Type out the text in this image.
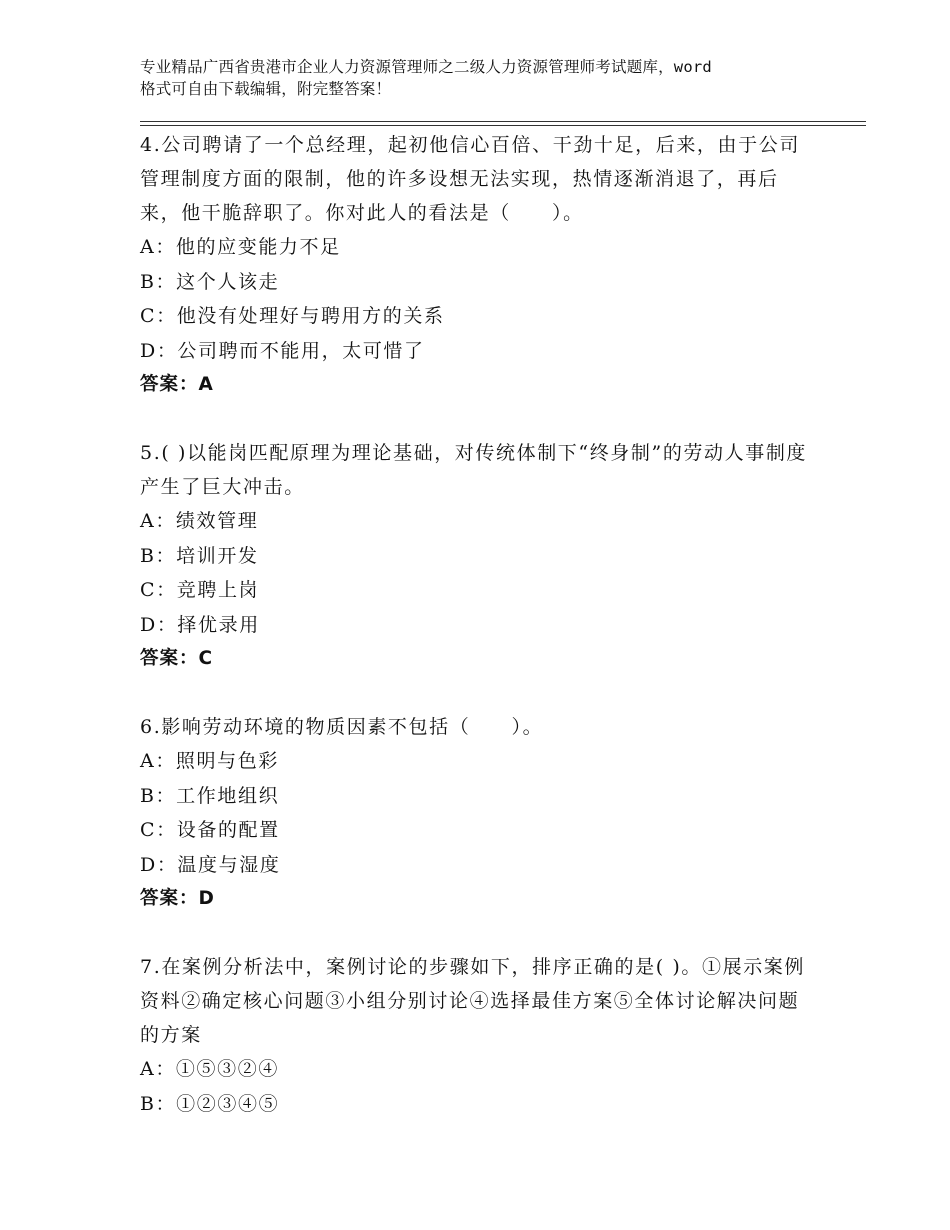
专业精品广西省贵港市企业人力资源管理师之二级人力资源管理师考试题库，word
格式可自由下载编辑，附完整答案！
4.公司聘请了一个总经理，起初他信心百倍、干劲十足，后来，由于公司管理制度方面的限制，他的许多设想无法实现，热情逐渐消退了，再后来，他干脆辞职了。你对此人的看法是（　　）。
A：他的应变能力不足
B：这个人该走
C：他没有处理好与聘用方的关系
D：公司聘而不能用，太可惜了
答案：A
5.( )以能岗匹配原理为理论基础，对传统体制下“终身制”的劳动人事制度产生了巨大冲击。
A：绩效管理
B：培训开发
C：竞聘上岗
D：择优录用
答案：C
6.影响劳动环境的物质因素不包括（　　）。
A：照明与色彩
B：工作地组织
C：设备的配置
D：温度与湿度
答案：D
7.在案例分析法中，案例讨论的步骤如下，排序正确的是( )。①展示案例资料②确定核心问题③小组分别讨论④选择最佳方案⑤全体讨论解决问题的方案
A：①⑤③②④
B：①②③④⑤
